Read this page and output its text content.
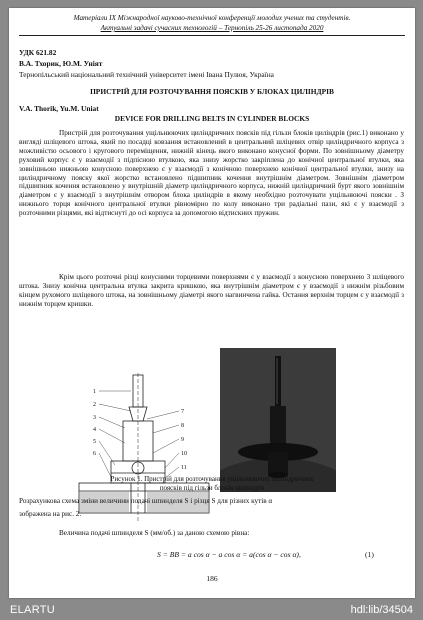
Матеріали IX Міжнародної науково-технічної конференції молодих учених та студентів.
Актуальні задачі сучасних технологій – Тернопіль 25-26 листопада 2020
УДК 621.82
В.А. Тхорик, Ю.М. Уніят
Тернопільський національний технічний університет імені Івана Пулюя, Україна
ПРИСТРІЙ ДЛЯ РОЗТОЧУВАННЯ ПОЯСКІВ У БЛОКАХ ЦИЛІНДРІВ
V.A. Thorik, Yu.M. Uniat
DEVICE FOR DRILLING BELTS IN CYLINDER BLOCKS
Пристрій для розточування ущільнюючих циліндричних поясків під гільзи блоків циліндрів (рис.1) виконано у вигляді шліцевого штока, який по посадці ковзання встановлений в центральний шліцевих отвір циліндричного корпуса з можливістю осьового і кругового переміщення, нижній кінець якого виконано конусної форми. По зовнішньому діаметру руховий корпус є у взаємодії з підпісною втулкою, яка знизу жорстко закріплена до конічної центральної втулки, яка зовнішньою нижньою конусною поверхнею є у взаємодії з конічною поверхнею конічної центральної втулки, знизу на циліндричному пояску якої жорстко встановлено підшипник кочення внутрішнім діаметром. Зовнішнім діаметром підшипник кочення встановлено у внутрішній діаметр циліндричного корпуса, нижній циліндричний бурт якого зовнішнім діаметром є у взаємодії з внутрішнім отвором блока циліндрів в якому необхідно розточувати ущільнюючі пояски . З нижнього торця конічного центральної втулки рівномірно по колу виконано три радіальні пази, які є у взаємодії з розточними різцями, які відтиснуті до осі корпуса за допомогою відтискних пружин.
Крім цього розточні різці конусними торцевими поверхнями є у взаємодії з конусною поверхнею 3 шліцевого штока. Знизу конічна центральна втулка закрита кришкою, яка внутрішнім діаметром є у взаємодії з нижнім різьбовим кінцем рухомого шліцевого штока, на зовнішньому діаметрі якого нагвинчена гайка. Остання верхнім торцем є у взаємодії з нижнім торцем кришки.
1
2
3
4
5
6
7
8
9
10
11
Рисунок 1. Пристрій для розточування ущільнюючих циліндричних
поясків під гільзи блоків циліндрів
Розрахункова схема зміни величини подачі шпинделя S і різця S для різних кутів α
зображена на рис. 2.
Величина подачі шпинделя S (мм/об.) за даною схемою рівна:
S = BB = a cos α − a cos α = a(cos α − cos α),	(1)
186
ELARTU	hdl:lib/34504
